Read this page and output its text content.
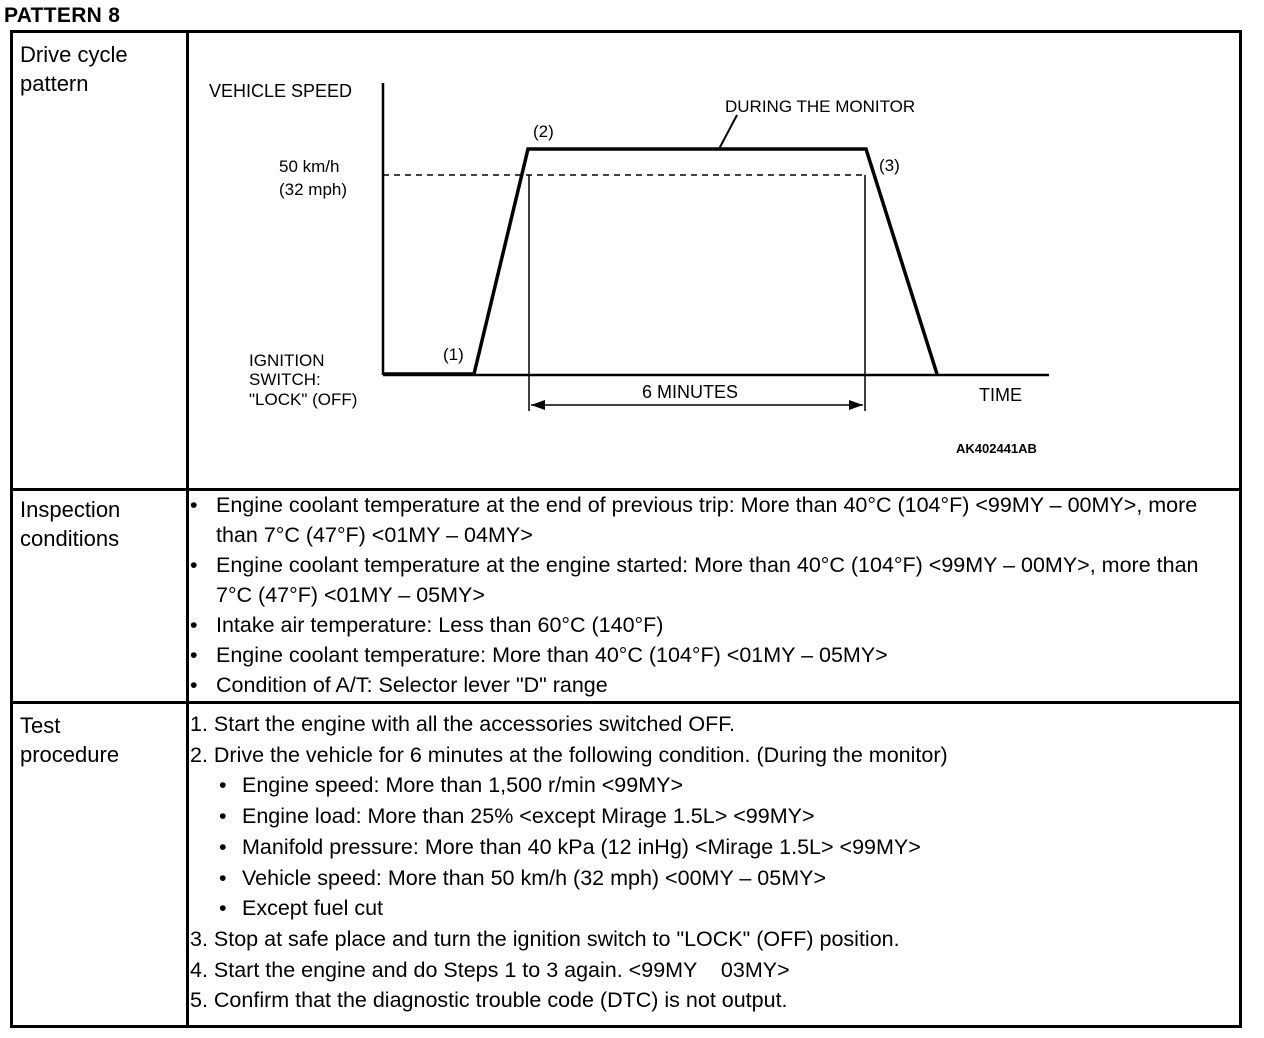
PATTERN 8
Drive cycle
pattern
Inspection
conditions
Test
procedure
VEHICLE SPEED
50 km/h
(32 mph)
(2)
(3)
(1)
DURING THE MONITOR
IGNITION
SWITCH:
"LOCK" (OFF)	6 MINUTES	TIME
AK402441AB
• Engine coolant temperature at the end of previous trip: More than 40°C (104°F) <99MY – 00MY>, more than 7°C (47°F) <01MY – 04MY>
• Engine coolant temperature at the engine started: More than 40°C (104°F) <99MY – 00MY>, more than 7°C (47°F) <01MY – 05MY>
• Intake air temperature: Less than 60°C (140°F)
• Engine coolant temperature: More than 40°C (104°F) <01MY – 05MY>
• Condition of A/T: Selector lever "D" range
1. Start the engine with all the accessories switched OFF.
2. Drive the vehicle for 6 minutes at the following condition. (During the monitor)
• Engine speed: More than 1,500 r/min <99MY>
• Engine load: More than 25% <except Mirage 1.5L> <99MY>
• Manifold pressure: More than 40 kPa (12 inHg) <Mirage 1.5L> <99MY>
• Vehicle speed: More than 50 km/h (32 mph) <00MY – 05MY>
• Except fuel cut
3. Stop at safe place and turn the ignition switch to "LOCK" (OFF) position.
4. Start the engine and do Steps 1 to 3 again. <99MY    03MY>
5. Confirm that the diagnostic trouble code (DTC) is not output.
